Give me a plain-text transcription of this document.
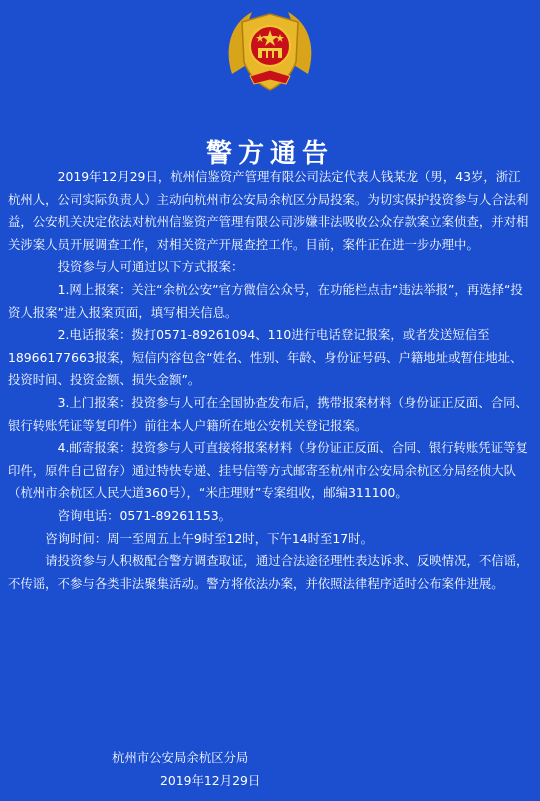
警方通告

2019年12月29日，杭州信鉴资产管理有限公司法定代表人钱某龙（男，43岁，浙江杭州人，公司实际负责人）主动向杭州市公安局余杭区分局投案。为切实保护投资参与人合法利益，公安机关决定依法对杭州信鉴资产管理有限公司涉嫌非法吸收公众存款案立案侦查，并对相关涉案人员开展调查工作，对相关资产开展查控工作。目前，案件正在进一步办理中。

投资参与人可通过以下方式报案：

1.网上报案：关注“余杭公安”官方微信公众号，在功能栏点击“违法举报”，再选择“投资人报案”进入报案页面，填写相关信息。

2.电话报案：拨打0571-89261094、110进行电话登记报案，或者发送短信至18966177663报案，短信内容包含“姓名、性别、年龄、身份证号码、户籍地址或暂住地址、投资时间、投资金额、损失金额”。

3.上门报案：投资参与人可在全国协查发布后，携带报案材料（身份证正反面、合同、银行转账凭证等复印件）前往本人户籍所在地公安机关登记报案。

4.邮寄报案：投资参与人可直接将报案材料（身份证正反面、合同、银行转账凭证等复印件，原件自己留存）通过特快专递、挂号信等方式邮寄至杭州市公安局余杭区分局经侦大队（杭州市余杭区人民大道360号），“米庄理财”专案组收，邮编311100。

咨询电话：0571-89261153。

咨询时间：周一至周五上午9时至12时，下午14时至17时。

请投资参与人积极配合警方调查取证，通过合法途径理性表达诉求、反映情况，不信谣，不传谣，不参与各类非法聚集活动。警方将依法办案，并依照法律程序适时公布案件进展。

杭州市公安局余杭区分局
2019年12月29日
